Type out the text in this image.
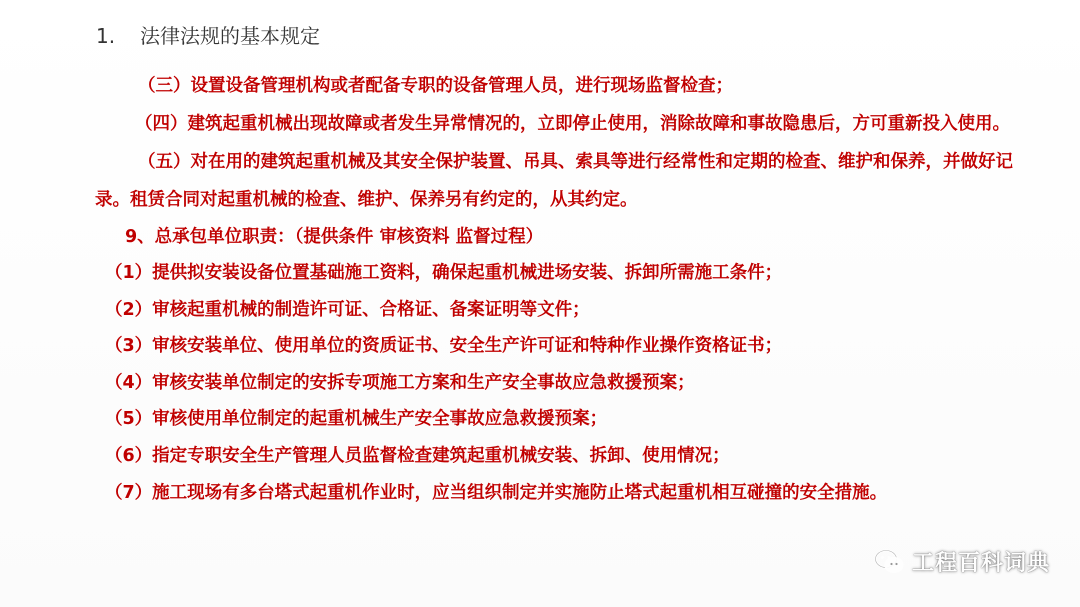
1. 法律法规的基本规定

（三）设置设备管理机构或者配备专职的设备管理人员，进行现场监督检查；

（四）建筑起重机械出现故障或者发生异常情况的，立即停止使用，消除故障和事故隐患后，方可重新投入使用。

（五）对在用的建筑起重机械及其安全保护装置、吊具、索具等进行经常性和定期的检查、维护和保养，并做好记录。租赁合同对起重机械的检查、维护、保养另有约定的，从其约定。

9、总承包单位职责：（提供条件 审核资料 监督过程）
（1）提供拟安装设备位置基础施工资料，确保起重机械进场安装、拆卸所需施工条件；
（2）审核起重机械的制造许可证、合格证、备案证明等文件；
（3）审核安装单位、使用单位的资质证书、安全生产许可证和特种作业操作资格证书；
（4）审核安装单位制定的安拆专项施工方案和生产安全事故应急救援预案；
（5）审核使用单位制定的起重机械生产安全事故应急救援预案；
（6）指定专职安全生产管理人员监督检查建筑起重机械安装、拆卸、使用情况；
（7）施工现场有多台塔式起重机作业时，应当组织制定并实施防止塔式起重机相互碰撞的安全措施。
工程百科词典
